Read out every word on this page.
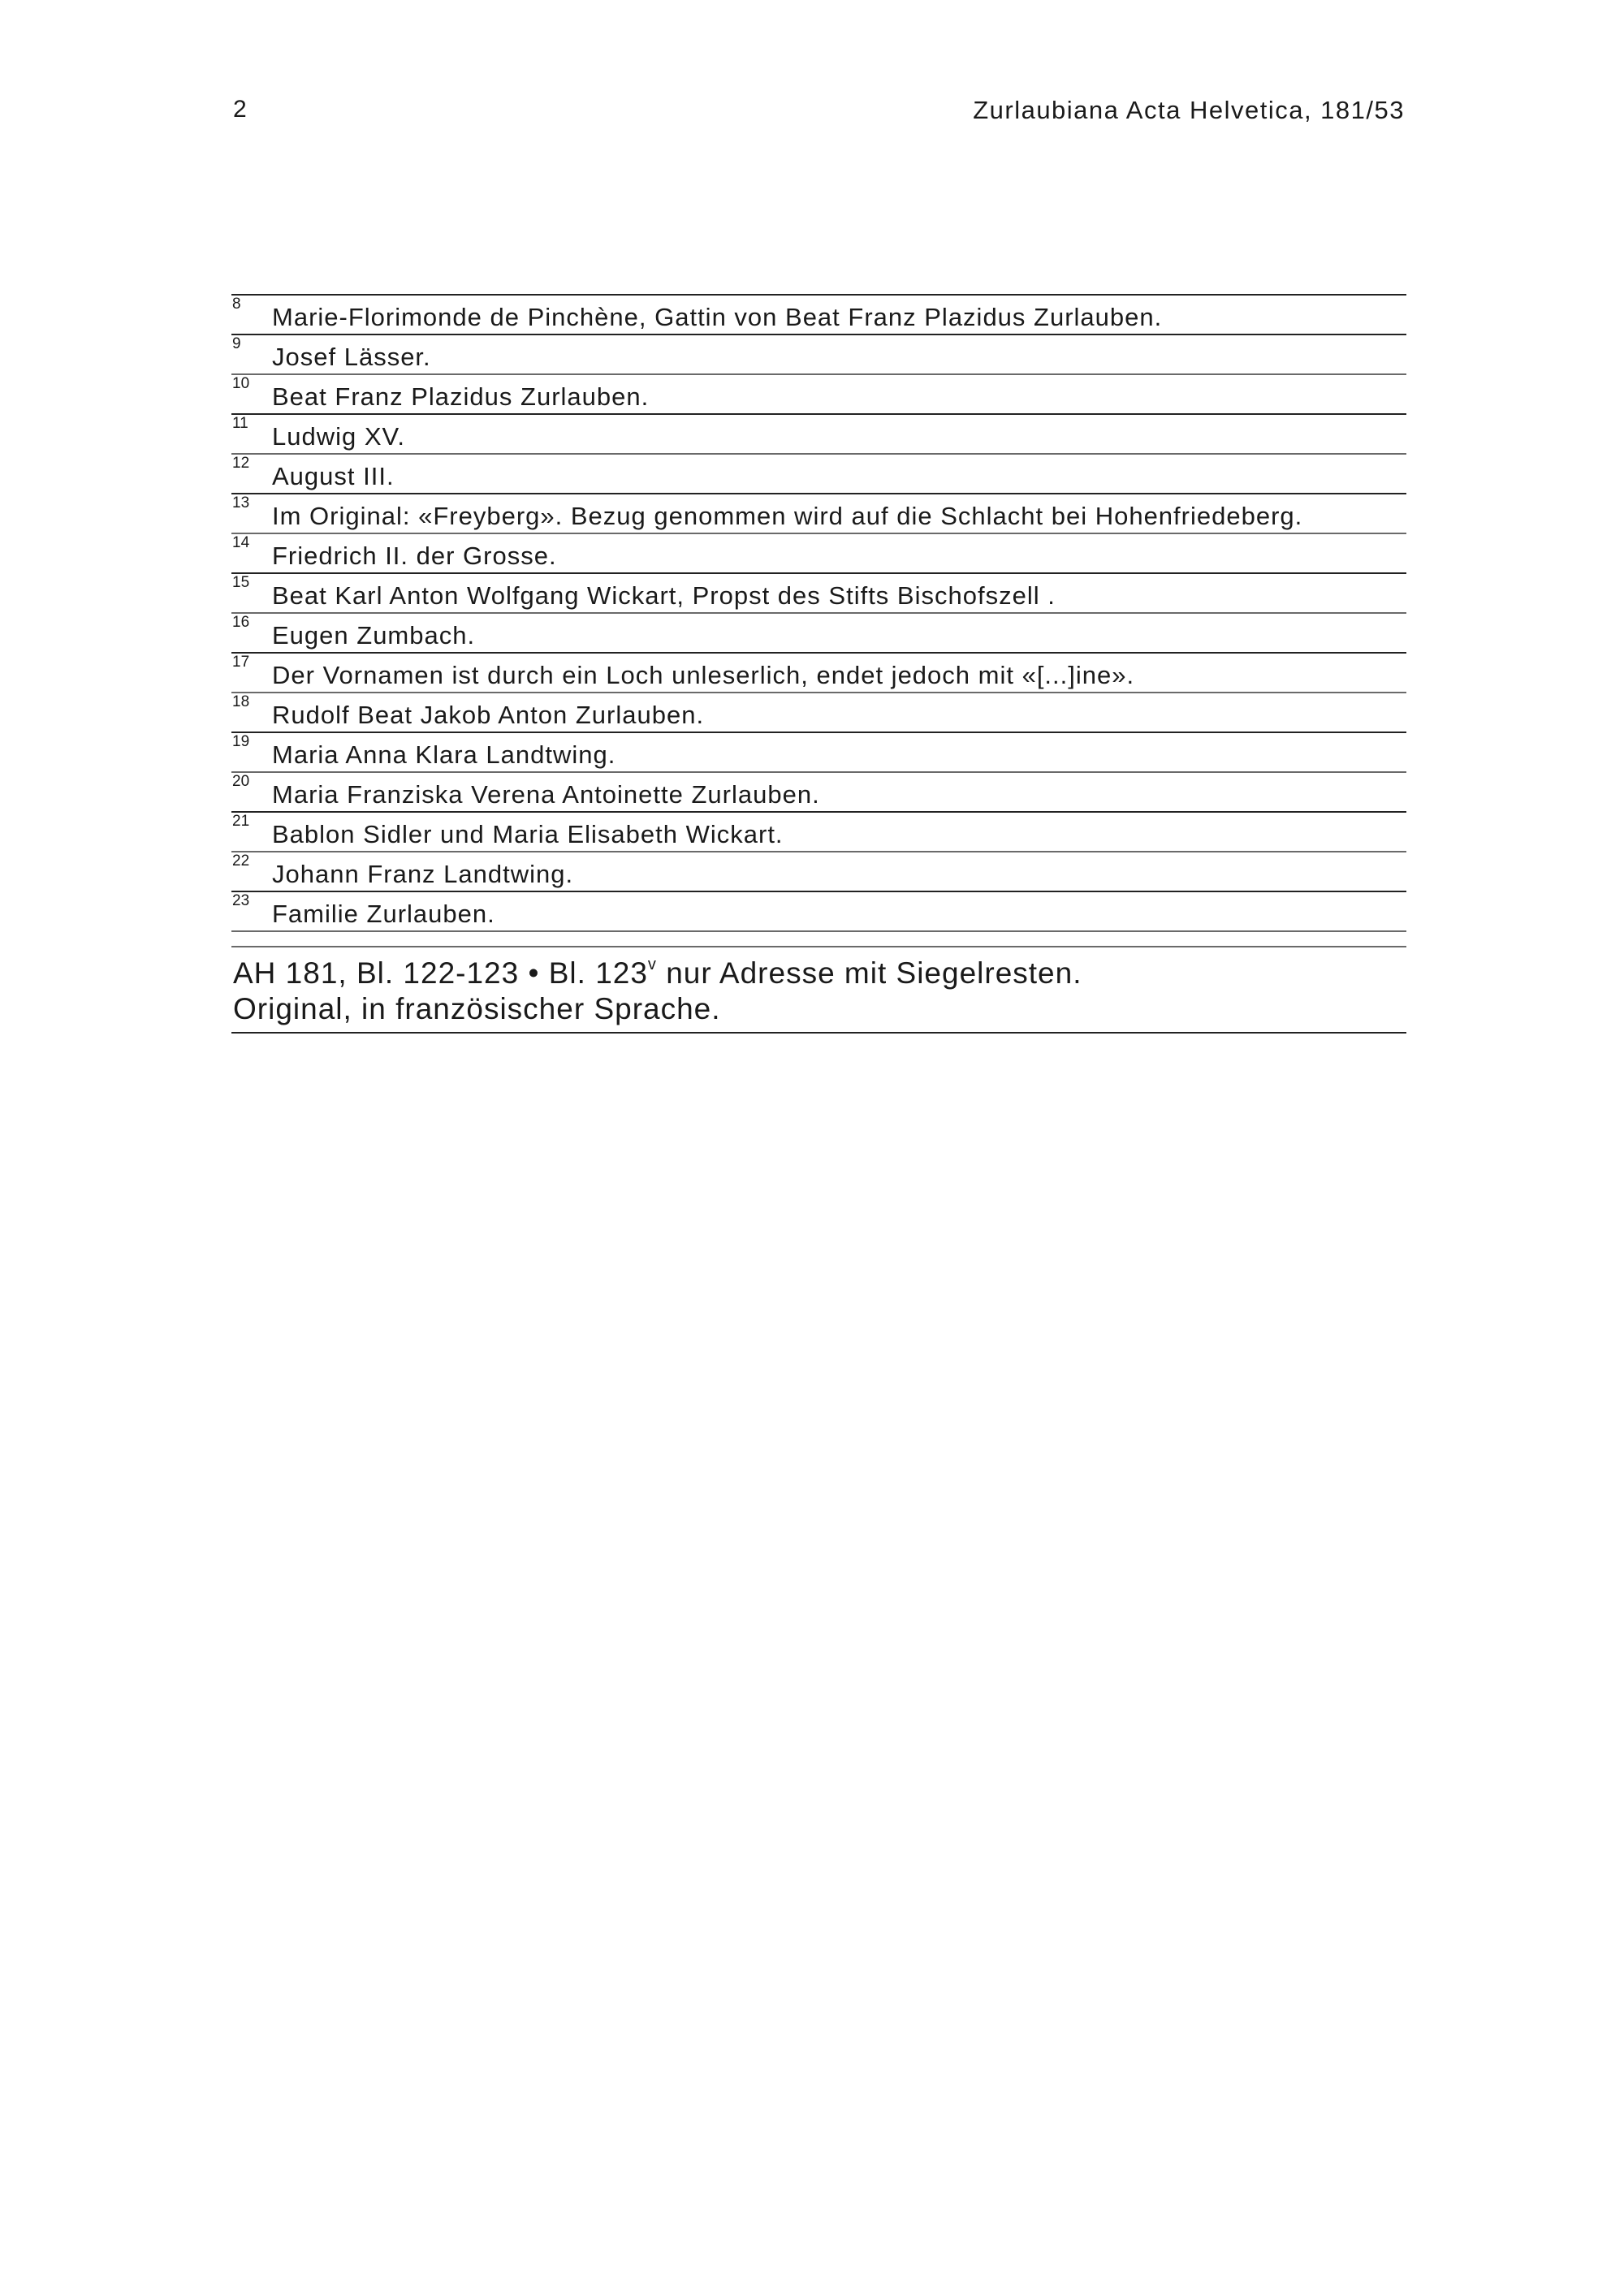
2	Zurlaubiana Acta Helvetica, 181/53
8 Marie-Florimonde de Pinchène, Gattin von Beat Franz Plazidus Zurlauben.
9 Josef Lässer.
10 Beat Franz Plazidus Zurlauben.
11 Ludwig XV.
12 August III.
13 Im Original: «Freyberg». Bezug genommen wird auf die Schlacht bei Hohenfriedeberg.
14 Friedrich II. der Grosse.
15 Beat Karl Anton Wolfgang Wickart, Propst des Stifts Bischofszell .
16 Eugen Zumbach.
17 Der Vornamen ist durch ein Loch unleserlich, endet jedoch mit «[...]ine».
18 Rudolf Beat Jakob Anton Zurlauben.
19 Maria Anna Klara Landtwing.
20 Maria Franziska Verena Antoinette Zurlauben.
21 Bablon Sidler und Maria Elisabeth Wickart.
22 Johann Franz Landtwing.
23 Familie Zurlauben.
AH 181, Bl. 122-123 • Bl. 123$^v$ nur Adresse mit Siegelresten.
Original, in französischer Sprache.
